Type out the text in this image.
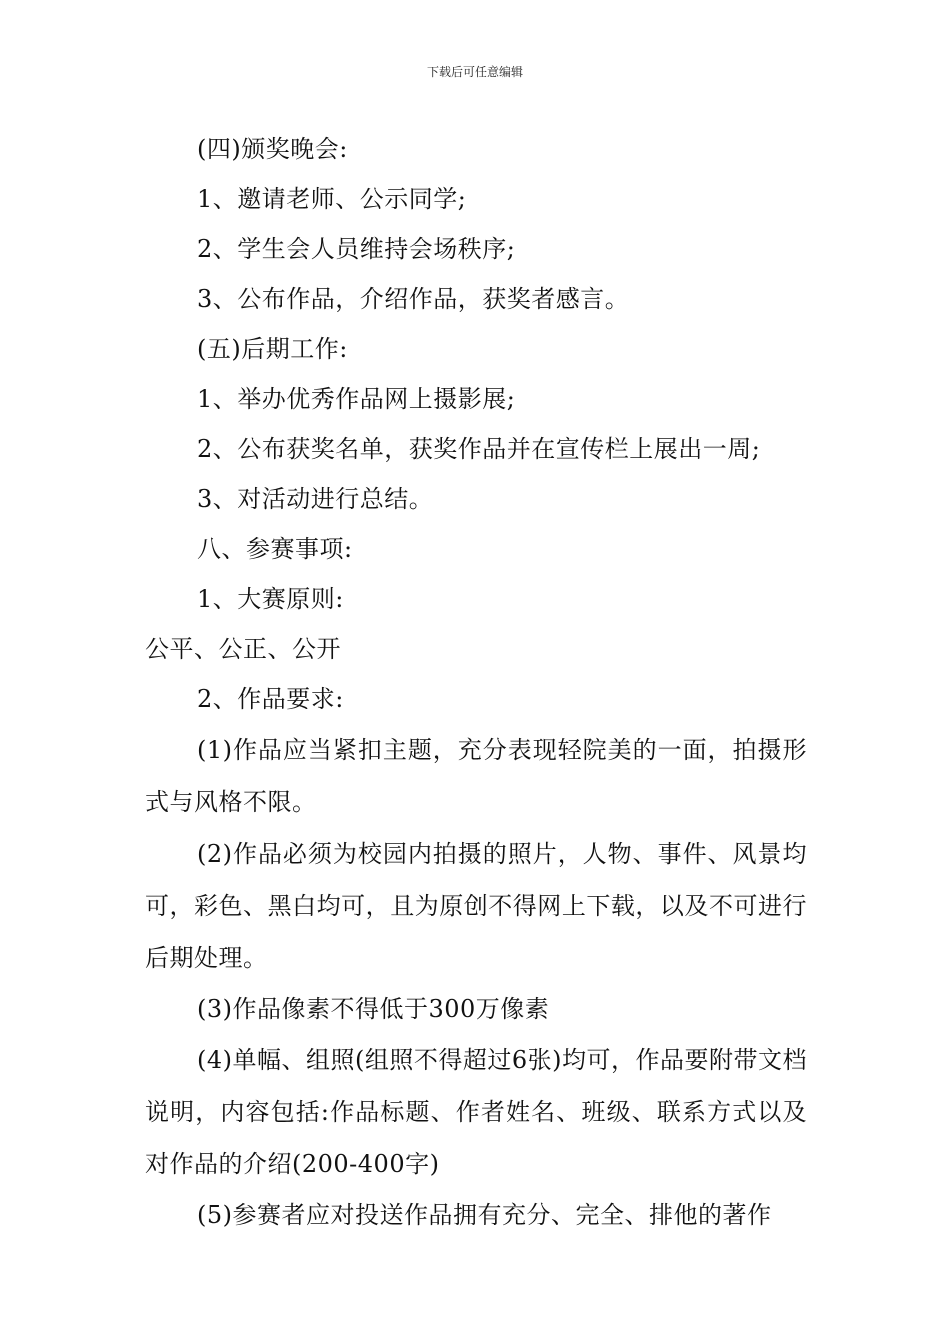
下载后可任意编辑

(四)颁奖晚会:

1、邀请老师、公示同学;

2、学生会人员维持会场秩序;

3、公布作品，介绍作品，获奖者感言。

(五)后期工作:

1、举办优秀作品网上摄影展;

2、公布获奖名单，获奖作品并在宣传栏上展出一周;

3、对活动进行总结。

八、参赛事项:

1、大赛原则:

公平、公正、公开

2、作品要求:

(1)作品应当紧扣主题，充分表现轻院美的一面，拍摄形式与风格不限。

(2)作品必须为校园内拍摄的照片，人物、事件、风景均可，彩色、黑白均可，且为原创不得网上下载，以及不可进行后期处理。

(3)作品像素不得低于300万像素

(4)单幅、组照(组照不得超过6张)均可，作品要附带文档说明，内容包括:作品标题、作者姓名、班级、联系方式以及对作品的介绍(200-400字)

(5)参赛者应对投送作品拥有充分、完全、排他的著作
